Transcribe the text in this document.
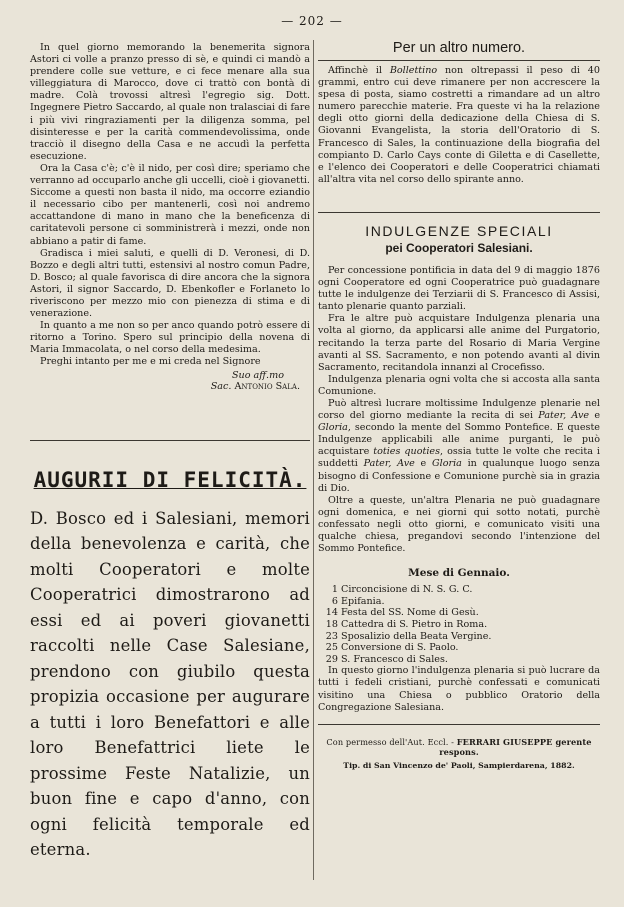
— 202 —

In quel giorno memorando la benemerita signora Astori ci volle a pranzo presso di sè, e quindi ci mandò a prendere colle sue vetture, e ci fece menare alla sua villeggiatura di Marocco, dove ci trattò con bontà di madre. Colà trovossi altresì l'egregio sig. Dott. Ingegnere Pietro Saccardo, al quale non tralasciai di fare i più vivi ringraziamenti per la diligenza somma, pel disinteresse e per la carità commendevolissima, onde tracciò il disegno della Casa e ne accudì la perfetta esecuzione.

Ora la Casa c'è; c'è il nido, per così dire; speriamo che verranno ad occuparlo anche gli uccelli, cioè i giovanetti. Siccome a questi non basta il nido, ma occorre eziandio il necessario cibo per mantenerli, così noi andremo accattandone di mano in mano che la beneficenza di caritatevoli persone ci somministrerà i mezzi, onde non abbiano a patir di fame.

Gradisca i miei saluti, e quelli di D. Veronesi, di D. Bozzo e degli altri tutti, estensivi al nostro comun Padre, D. Bosco; al quale favorisca di dire ancora che la signora Astori, il signor Saccardo, D. Ebenkofler e Forlaneto lo riveriscono per mezzo mio con pienezza di stima e di venerazione.

In quanto a me non so per anco quando potrò essere di ritorno a Torino. Spero sul principio della novena di Maria Immacolata, o nel corso della medesima.

Preghi intanto per me e mi creda nel Signore

Suo aff.mo
Sac. Antonio Sala.
AUGURII DI FELICITÀ.

D. Bosco ed i Salesiani, memori della benevolenza e carità, che molti Cooperatori e molte Cooperatrici dimostrarono ad essi ed ai poveri giovanetti raccolti nelle Case Salesiane, prendono con giubilo questa propizia occasione per augurare a tutti i loro Benefattori e alle loro Benefattrici liete le prossime Feste Natalizie, un buon fine e capo d'anno, con ogni felicità temporale ed eterna.

Per un altro numero.

Affinchè il Bollettino non oltrepassi il peso di 40 grammi, entro cui deve rimanere per non accrescere la spesa di posta, siamo costretti a rimandare ad un altro numero parecchie materie. Fra queste vi ha la relazione degli otto giorni della dedicazione della Chiesa di S. Giovanni Evangelista, la storia dell'Oratorio di S. Francesco di Sales, la continuazione della biografia del compianto D. Carlo Cays conte di Giletta e di Casellette, e l'elenco dei Cooperatori e delle Cooperatrici chiamati all'altra vita nel corso dello spirante anno.

INDULGENZE SPECIALI
pei Cooperatori Salesiani.

Per concessione pontificia in data del 9 di maggio 1876 ogni Cooperatore ed ogni Cooperatrice può guadagnare tutte le indulgenze dei Terziarii di S. Francesco di Assisi, tanto plenarie quanto parziali.

Fra le altre può acquistare Indulgenza plenaria una volta al giorno, da applicarsi alle anime del Purgatorio, recitando la terza parte del Rosario di Maria Vergine avanti al SS. Sacramento, e non potendo avanti al divin Sacramento, recitandola innanzi al Crocefisso.

Indulgenza plenaria ogni volta che si accosta alla santa Comunione.

Può altresì lucrare moltissime Indulgenze plenarie nel corso del giorno mediante la recita di sei Pater, Ave e Gloria, secondo la mente del Sommo Pontefice. E queste Indulgenze applicabili alle anime purganti, le può acquistare toties quoties, ossia tutte le volte che recita i suddetti Pater, Ave e Gloria in qualunque luogo senza bisogno di Confessione e Comunione purchè sia in grazia di Dio.

Oltre a queste, un'altra Plenaria ne può guadagnare ogni domenica, e nei giorni qui sotto notati, purchè confessato negli otto giorni, e comunicato visiti una qualche chiesa, pregandovi secondo l'intenzione del Sommo Pontefice.

Mese di Gennaio.
1 Circoncisione di N. S. G. C.
6 Epifania.
14 Festa del SS. Nome di Gesù.
18 Cattedra di S. Pietro in Roma.
23 Sposalizio della Beata Vergine.
25 Conversione di S. Paolo.
29 S. Francesco di Sales.

In questo giorno l'indulgenza plenaria si può lucrare da tutti i fedeli cristiani, purchè confessati e comunicati visitino una Chiesa o pubblico Oratorio della Congregazione Salesiana.

Con permesso dell'Aut. Eccl. - FERRARI GIUSEPPE gerente respons.
Tip. di San Vincenzo de' Paoli, Sampierdarena, 1882.
